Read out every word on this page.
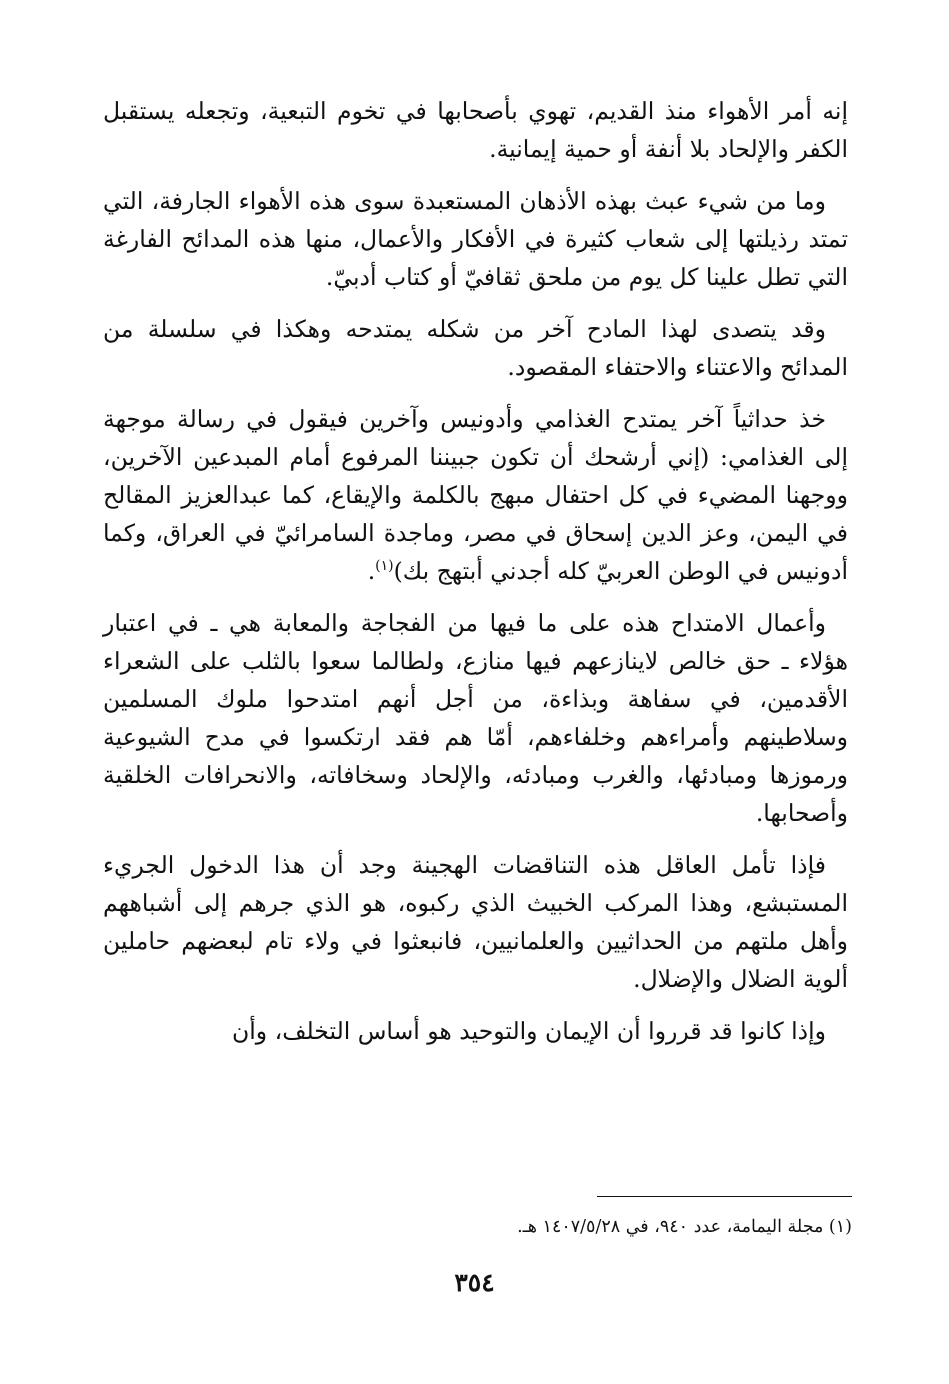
إنه أمر الأهواء منذ القديم، تهوي بأصحابها في تخوم التبعية، وتجعله يستقبل الكفر والإلحاد بلا أنفة أو حمية إيمانية.

وما من شيء عبث بهذه الأذهان المستعبدة سوى هذه الأهواء الجارفة، التي تمتد رذيلتها إلى شعاب كثيرة في الأفكار والأعمال، منها هذه المدائح الفارغة التي تطل علينا كل يوم من ملحق ثقافيّ أو كتاب أدبيّ.

وقد يتصدى لهذا المادح آخر من شكله يمتدحه وهكذا في سلسلة من المدائح والاعتناء والاحتفاء المقصود.

خذ حداثياً آخر يمتدح الغذامي وأدونيس وآخرين فيقول في رسالة موجهة إلى الغذامي: (إني أرشحك أن تكون جبيننا المرفوع أمام المبدعين الآخرين، ووجهنا المضيء في كل احتفال مبهج بالكلمة والإيقاع، كما عبدالعزيز المقالح في اليمن، وعز الدين إسحاق في مصر، وماجدة السامرائيّ في العراق، وكما أدونيس في الوطن العربيّ كله أجدني أبتهج بك)$^{(١)}$.

وأعمال الامتداح هذه على ما فيها من الفجاجة والمعابة هي ـ في اعتبار هؤلاء ـ حق خالص لاينازعهم فيها منازع، ولطالما سعوا بالثلب على الشعراء الأقدمين، في سفاهة وبذاءة، من أجل أنهم امتدحوا ملوك المسلمين وسلاطينهم وأمراءهم وخلفاءهم، أمّا هم فقد ارتكسوا في مدح الشيوعية ورموزها ومبادئها، والغرب ومبادئه، والإلحاد وسخافاته، والانحرافات الخلقية وأصحابها.

فإذا تأمل العاقل هذه التناقضات الهجينة وجد أن هذا الدخول الجريء المستبشع، وهذا المركب الخبيث الذي ركبوه، هو الذي جرهم إلى أشباههم وأهل ملتهم من الحداثيين والعلمانيين، فانبعثوا في ولاء تام لبعضهم حاملين ألوية الضلال والإضلال.

وإذا كانوا قد قرروا أن الإيمان والتوحيد هو أساس التخلف، وأن

(١) مجلة اليمامة، عدد ٩٤٠، في ١٤٠٧/٥/٢٨ هـ.
٣٥٤
